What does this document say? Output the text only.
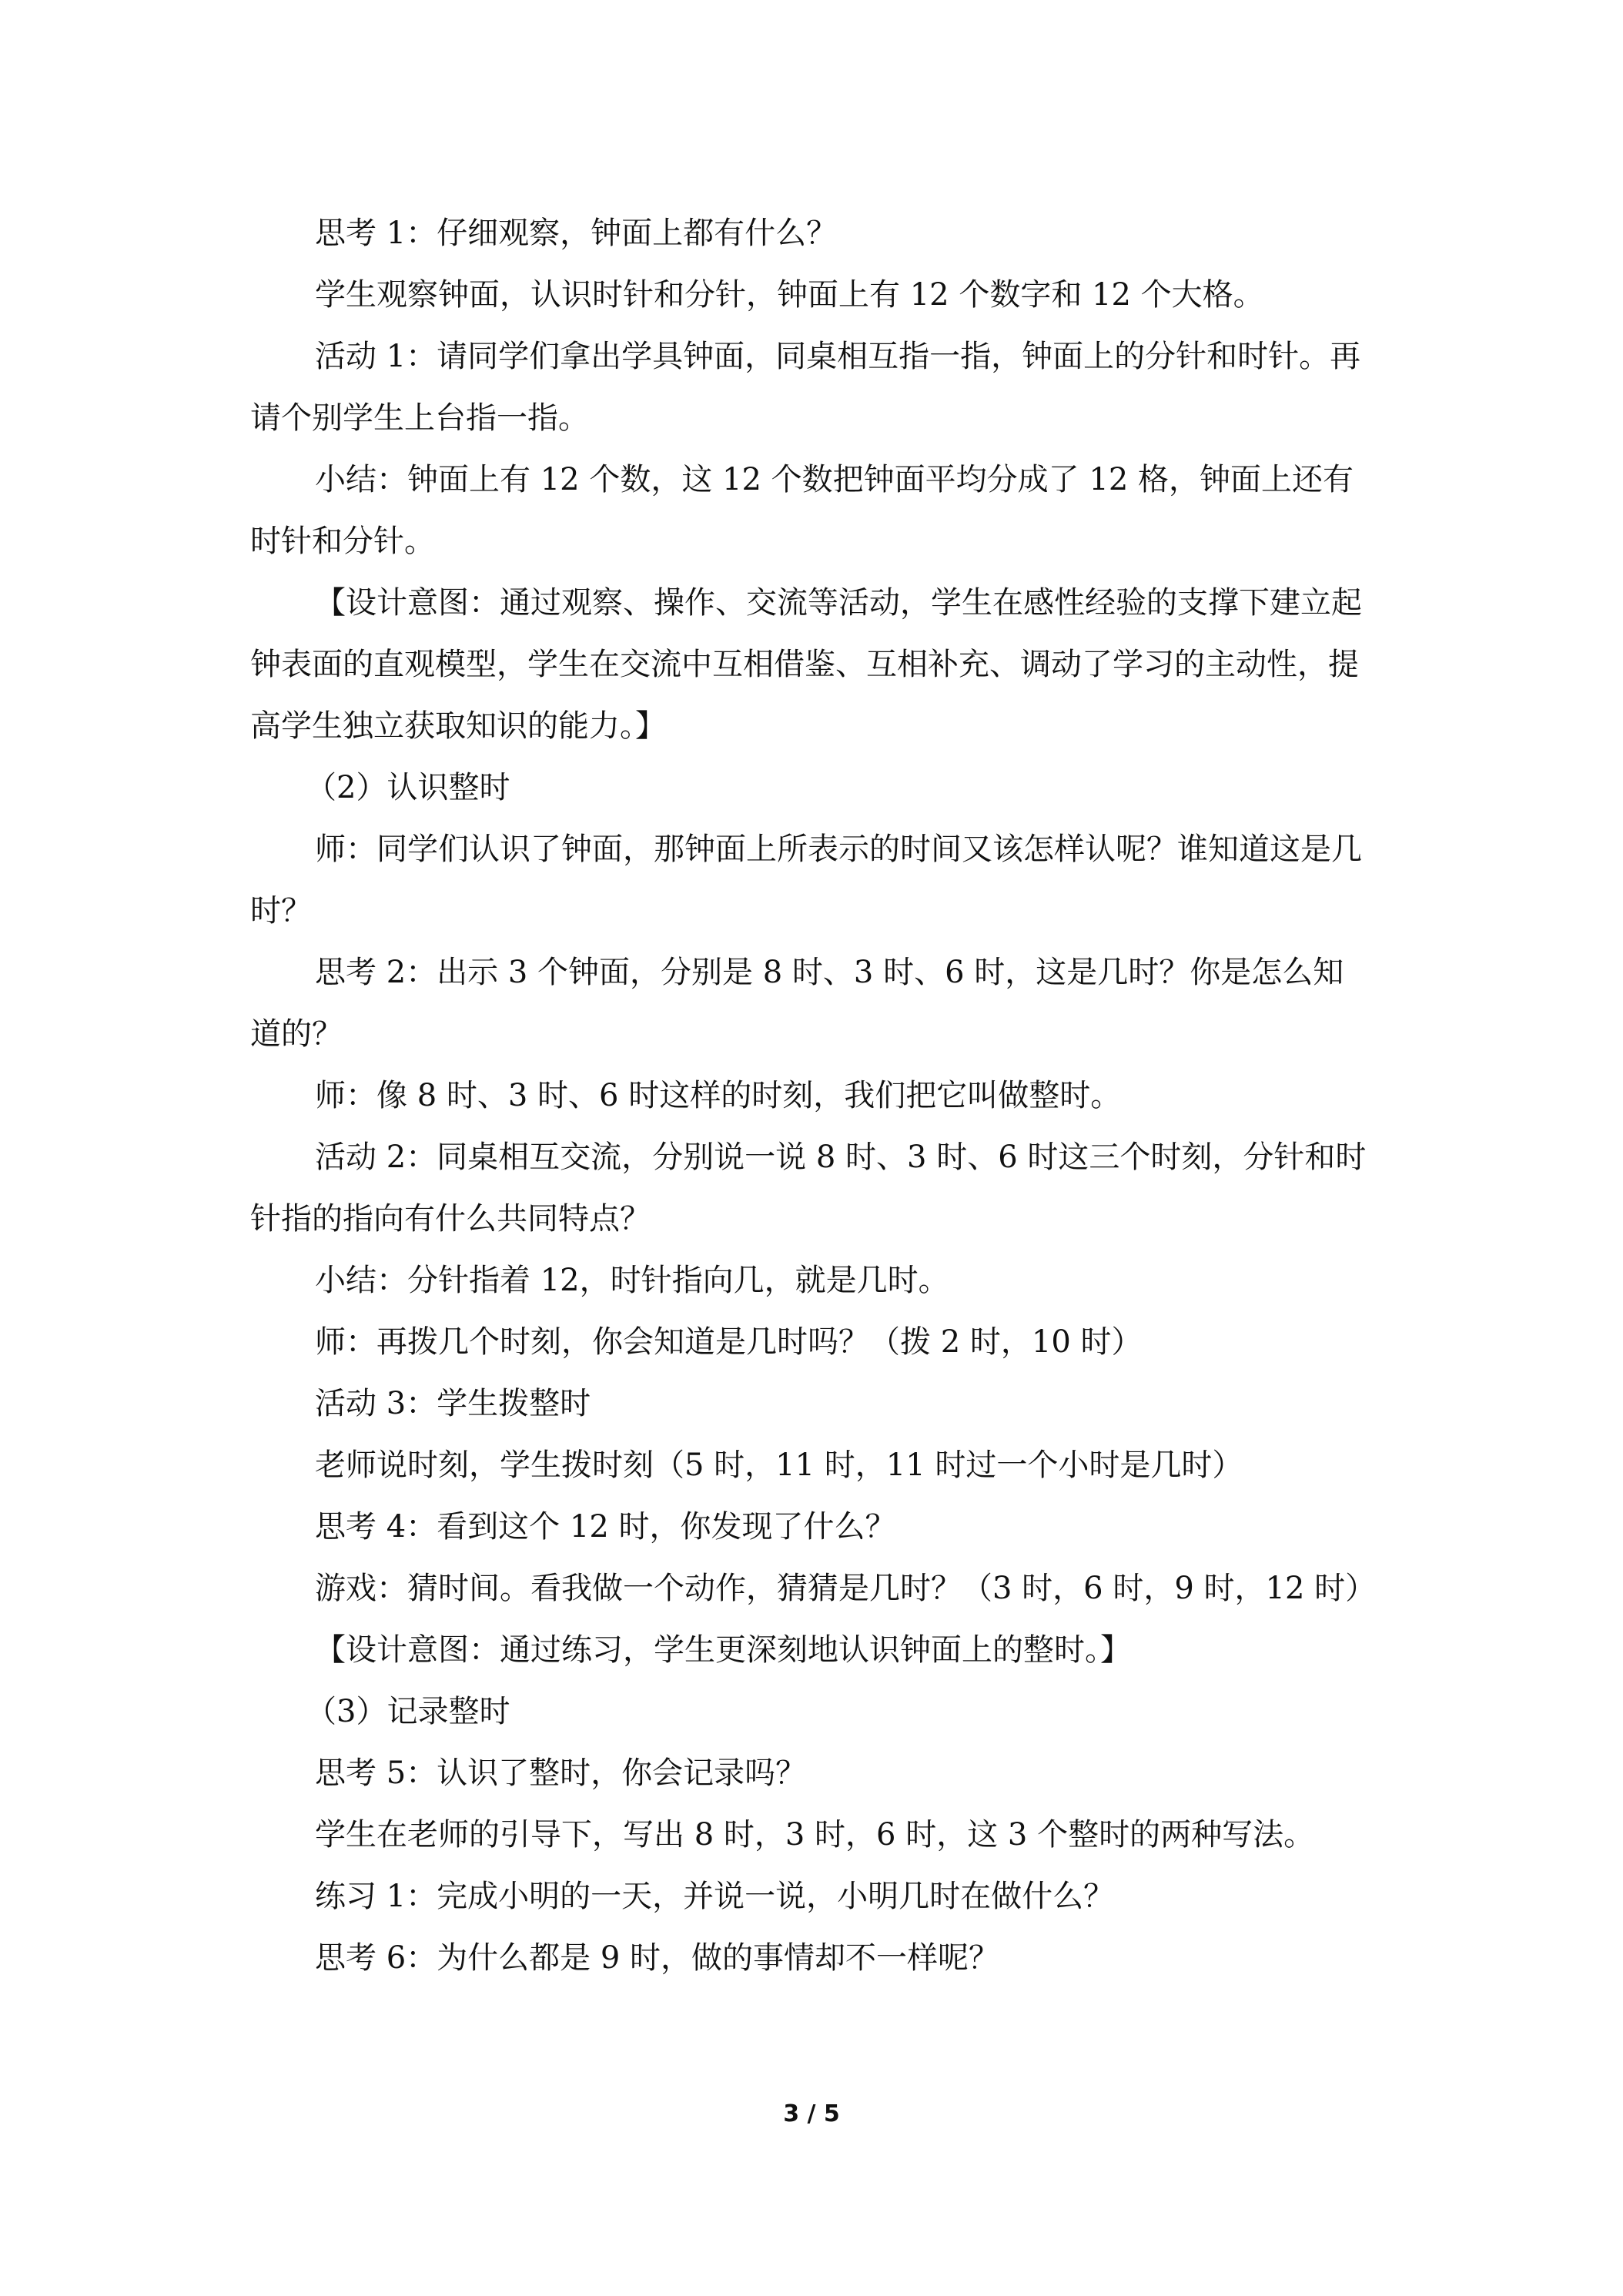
思考 1：仔细观察，钟面上都有什么？

学生观察钟面，认识时针和分针，钟面上有 12 个数字和 12 个大格。

活动 1：请同学们拿出学具钟面，同桌相互指一指，钟面上的分针和时针。再请个别学生上台指一指。

小结：钟面上有 12 个数，这 12 个数把钟面平均分成了 12 格，钟面上还有时针和分针。

【设计意图：通过观察、操作、交流等活动，学生在感性经验的支撑下建立起钟表面的直观模型，学生在交流中互相借鉴、互相补充、调动了学习的主动性，提高学生独立获取知识的能力。】

（2）认识整时

师：同学们认识了钟面，那钟面上所表示的时间又该怎样认呢？谁知道这是几时？

思考 2：出示 3 个钟面，分别是 8 时、3 时、6 时，这是几时？你是怎么知道的？

师：像 8 时、3 时、6 时这样的时刻，我们把它叫做整时。

活动 2：同桌相互交流，分别说一说 8 时、3 时、6 时这三个时刻，分针和时针指的指向有什么共同特点？

小结：分针指着 12，时针指向几，就是几时。

师：再拨几个时刻，你会知道是几时吗？（拨 2 时，10 时）

活动 3：学生拨整时

老师说时刻，学生拨时刻（5 时，11 时，11 时过一个小时是几时）

思考 4：看到这个 12 时，你发现了什么？

游戏：猜时间。看我做一个动作，猜猜是几时？（3 时，6 时，9 时，12 时）

【设计意图：通过练习，学生更深刻地认识钟面上的整时。】

（3）记录整时

思考 5：认识了整时，你会记录吗？

学生在老师的引导下，写出 8 时，3 时，6 时，这 3 个整时的两种写法。

练习 1：完成小明的一天，并说一说，小明几时在做什么？

思考 6：为什么都是 9 时，做的事情却不一样呢？

3 / 5
